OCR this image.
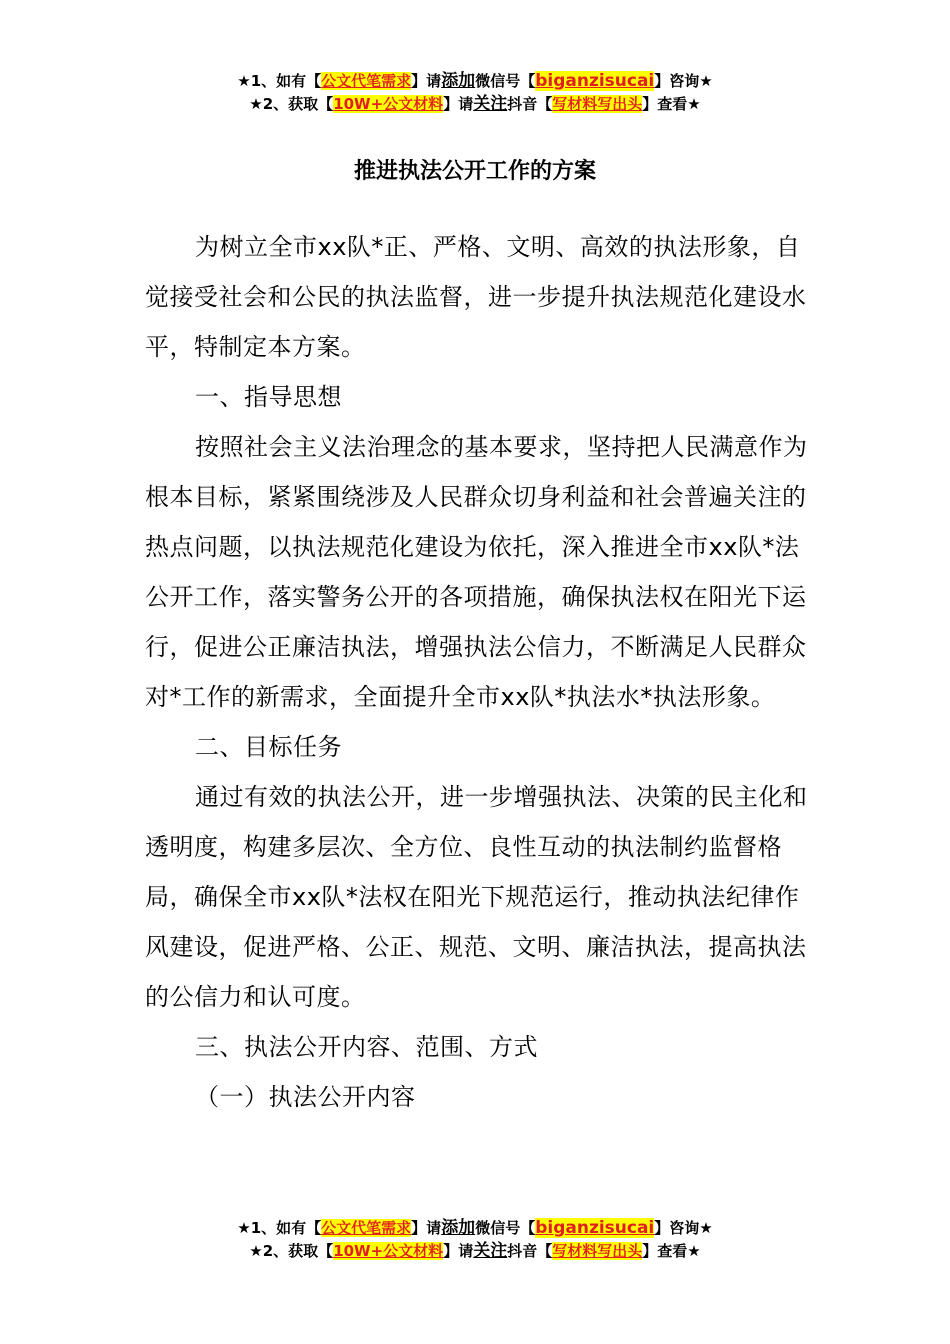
★1、如有【公文代笔需求】请添加微信号【biganzisucai】咨询★
★2、获取【10W+公文材料】请关注抖音【写材料写出头】查看★
推进执法公开工作的方案

为树立全市xx队*正、严格、文明、高效的执法形象，自觉接受社会和公民的执法监督，进一步提升执法规范化建设水平，特制定本方案。

一、指导思想

按照社会主义法治理念的基本要求，坚持把人民满意作为根本目标，紧紧围绕涉及人民群众切身利益和社会普遍关注的热点问题，以执法规范化建设为依托，深入推进全市xx队*法公开工作，落实警务公开的各项措施，确保执法权在阳光下运行，促进公正廉洁执法，增强执法公信力，不断满足人民群众对*工作的新需求，全面提升全市xx队*执法水*执法形象。

二、目标任务

通过有效的执法公开，进一步增强执法、决策的民主化和透明度，构建多层次、全方位、良性互动的执法制约监督格局，确保全市xx队*法权在阳光下规范运行，推动执法纪律作风建设，促进严格、公正、规范、文明、廉洁执法，提高执法的公信力和认可度。

三、执法公开内容、范围、方式

（一）执法公开内容

★1、如有【公文代笔需求】请添加微信号【biganzisucai】咨询★
★2、获取【10W+公文材料】请关注抖音【写材料写出头】查看★
